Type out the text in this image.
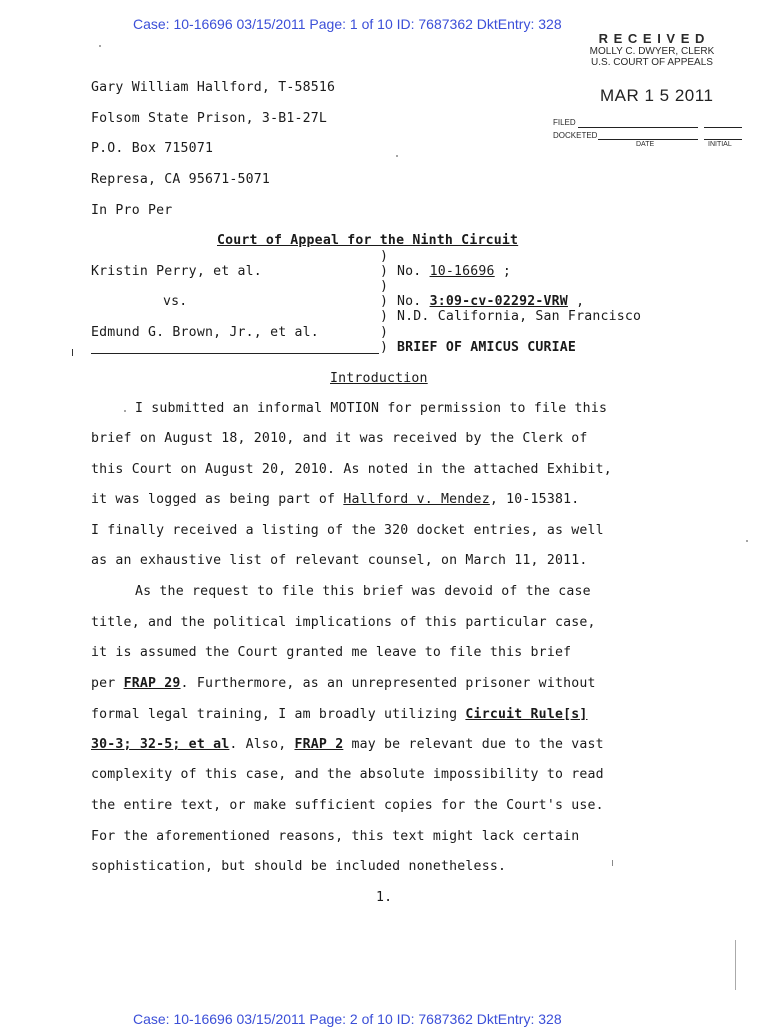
Case: 10-16696 03/15/2011 Page: 1 of 10 ID: 7687362 DktEntry: 328
R E C E I V E D
MOLLY C. DWYER, CLERK
U.S. COURT OF APPEALS
MAR 1 5 2011
FILED
DOCKETED
DATE	INITIAL
Gary William Hallford, T-58516
Folsom State Prison, 3-B1-27L
P.O. Box 715071
Represa, CA 95671-5071
In Pro Per
Court of Appeal for the Ninth Circuit
)
Kristin Perry, et al.	) No. 10-16696 ;
)
vs.	) No. 3:09-cv-02292-VRW ,
) N.D. California, San Francisco
Edmund G. Brown, Jr., et al.	)
) BRIEF OF AMICUS CURIAE
Introduction
I submitted an informal MOTION for permission to file this
brief on August 18, 2010, and it was received by the Clerk of
this Court on August 20, 2010. As noted in the attached Exhibit,
it was logged as being part of Hallford v. Mendez, 10-15381.
I finally received a listing of the 320 docket entries, as well
as an exhaustive list of relevant counsel, on March 11, 2011.
As the request to file this brief was devoid of the case
title, and the political implications of this particular case,
it is assumed the Court granted me leave to file this brief
per FRAP 29. Furthermore, as an unrepresented prisoner without
formal legal training, I am broadly utilizing Circuit Rule[s]
30-3; 32-5; et al. Also, FRAP 2 may be relevant due to the vast
complexity of this case, and the absolute impossibility to read
the entire text, or make sufficient copies for the Court's use.
For the aforementioned reasons, this text might lack certain
sophistication, but should be included nonetheless.
1.
Case: 10-16696 03/15/2011 Page: 2 of 10 ID: 7687362 DktEntry: 328
